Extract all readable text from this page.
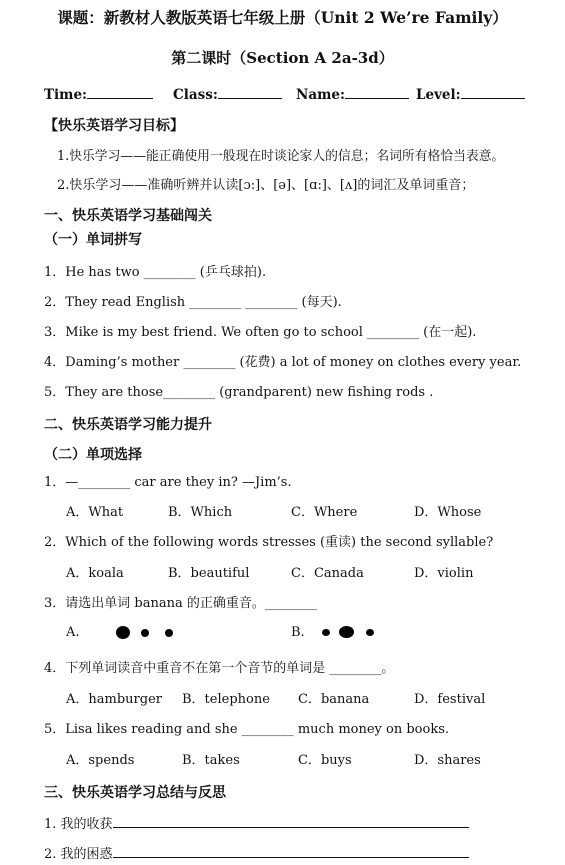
课题：新教材人教版英语七年级上册（Unit 2 We’re Family）
第二课时（Section A 2a-3d）
Time:	Class:	Name:	Level:
【快乐英语学习目标】
1.快乐学习——能正确使用一般现在时谈论家人的信息；名词所有格恰当表意。
2.快乐学习——准确听辨并认读[ɔ:]、[ə]、[ɑ:]、[ʌ]的词汇及单词重音；
一、快乐英语学习基础闯关
（一）单词拼写
1．He has two ________ (乒乓球拍).
2．They read English ________ ________ (每天).
3．Mike is my best friend. We often go to school ________ (在一起).
4．Daming’s mother ________ (花费) a lot of money on clothes every year.
5．They are those________ (grandparent) new fishing rods .
二、快乐英语学习能力提升
（二）单项选择
1．—________ car are they in? —Jim’s.
A．What	B．Which	C．Where	D．Whose
2．Which of the following words stresses (重读) the second syllable?
A．koala	B．beautiful	C．Canada	D．violin
3．请选出单词 banana 的正确重音。________
A.	B.
4．下列单词读音中重音不在第一个音节的单词是 ________。
A．hamburger B．telephone C．banana	D．festival
5．Lisa likes reading and she ________ much money on books.
A．spends	B．takes	C．buys	D．shares
三、快乐英语学习总结与反思
1. 我的收获
2. 我的困惑
